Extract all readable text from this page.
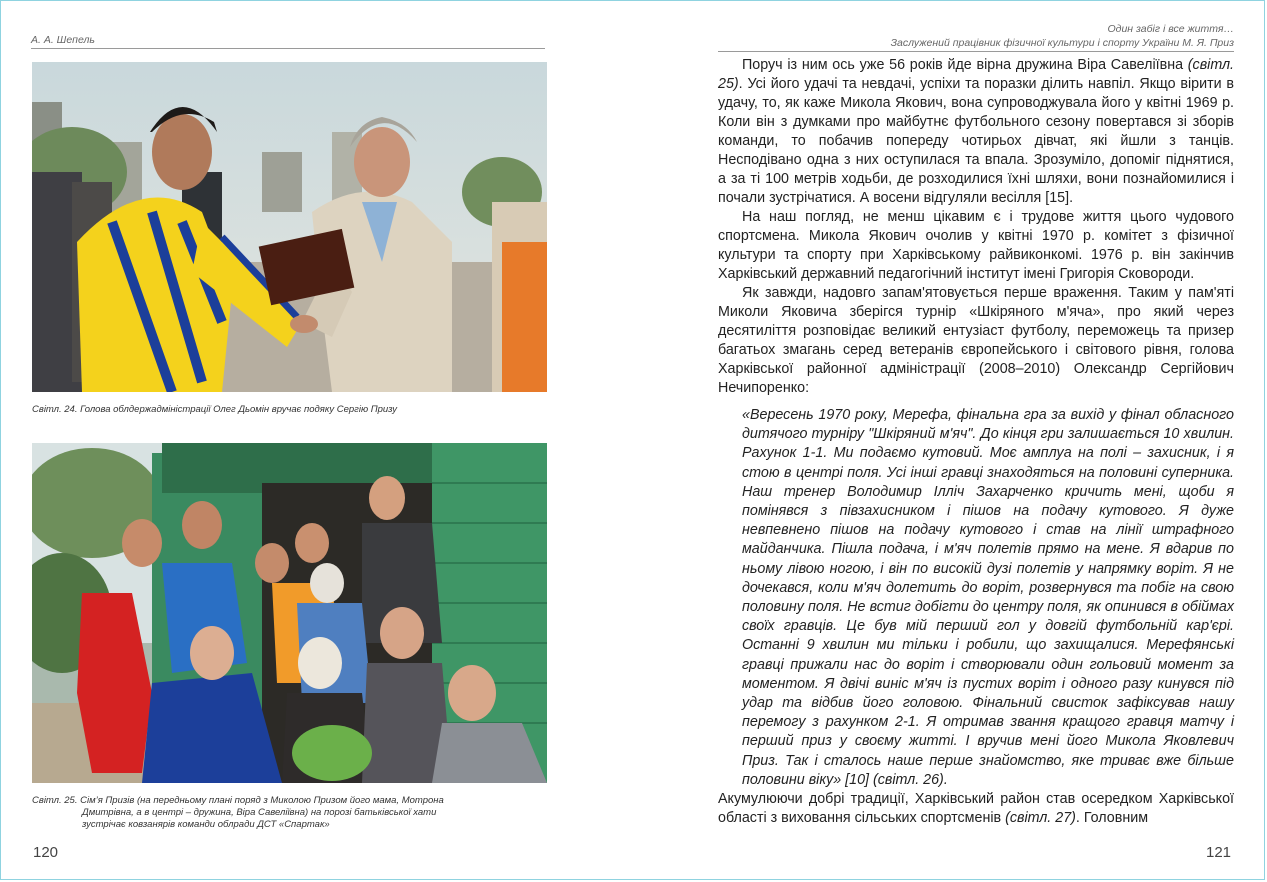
А. А. Шепель
Світл. 24. Голова облдержадміністрації Олег Дьомін вручає подяку Сергію Призу
Світл. 25. Сім’я Призів (на передньому плані поряд з Миколою Призом його мама, Мотрона
Дмитрівна, а в центрі – дружина, Віра Савеліївна) на порозі батьківської хати
зустрічає ковзанярів команди облради ДСТ «Спартак»
120
Один забіг і все життя…
Заслужений працівник фізичної культури і спорту України М. Я. Приз

Поруч із ним ось уже 56 років йде вірна дружина Віра Савеліївна (світл. 25). Усі його удачі та невдачі, успіхи та поразки ділить навпіл. Якщо вірити в удачу, то, як каже Микола Якович, вона супроводжувала його у квітні 1969 р. Коли він з думками про майбутнє футбольного сезону повертався зі зборів команди, то побачив попереду чотирьох дівчат, які йшли з танців. Несподівано одна з них оступилася та впала. Зрозуміло, допоміг піднятися, а за ті 100 метрів ходьби, де розходилися їхні шляхи, вони познайомилися і почали зустрічатися. А восени відгуляли весілля [15].

На наш погляд, не менш цікавим є і трудове життя цього чудового спортсмена. Микола Якович очолив у квітні 1970 р. комітет з фізичної культури та спорту при Харківському райвиконкомі. 1976 р. він закінчив Харківський державний педагогічний інститут імені Григорія Сковороди.

Як завжди, надовго запам'ятовується перше враження. Таким у пам'яті Миколи Яковича зберігся турнір «Шкіряного м'яча», про який через десятиліття розповідає великий ентузіаст футболу, переможець та призер багатьох змагань серед ветеранів європейського і світового рівня, голова Харківської районної адміністрації (2008–2010) Олександр Сергійович Нечипоренко:

«Вересень 1970 року, Мерефа, фінальна гра за вихід у фінал обласного дитячого турніру "Шкіряний м'яч". До кінця гри залишається 10 хвилин. Рахунок 1-1. Ми подаємо кутовий. Моє амплуа на полі – захисник, і я стою в центрі поля. Усі інші гравці знаходяться на половині суперника. Наш тренер Володимир Ілліч Захарченко кричить мені, щоби я помінявся з півзахисником і пішов на подачу кутового. Я дуже невпевнено пішов на подачу кутового і став на лінії штрафного майданчика. Пішла подача, і м'яч полетів прямо на мене. Я вдарив по ньому лівою ногою, і він по високій дузі полетів у напрямку воріт. Я не дочекався, коли м'яч долетить до воріт, розвернувся та побіг на свою половину поля. Не встиг добігти до центру поля, як опинився в обіймах своїх гравців. Це був мій перший гол у довгій футбольній кар'єрі. Останні 9 хвилин ми тільки і робили, що захищалися. Мерефянські гравці прижали нас до воріт і створювали один гольовий момент за моментом. Я двічі виніс м'яч із пустих воріт і одного разу кинувся під удар та відбив його головою. Фінальний свисток зафіксував нашу перемогу з рахунком 2-1. Я отримав звання кращого гравця матчу і перший приз у своєму житті. І вручив мені його Микола Яковлевич Приз. Так і сталось наше перше знайомство, яке триває вже більше половини віку» [10] (світл. 26).

Акумулюючи добрі традиції, Харківський район став осередком Харківської області з виховання сільських спортсменів (світл. 27). Головним

121
